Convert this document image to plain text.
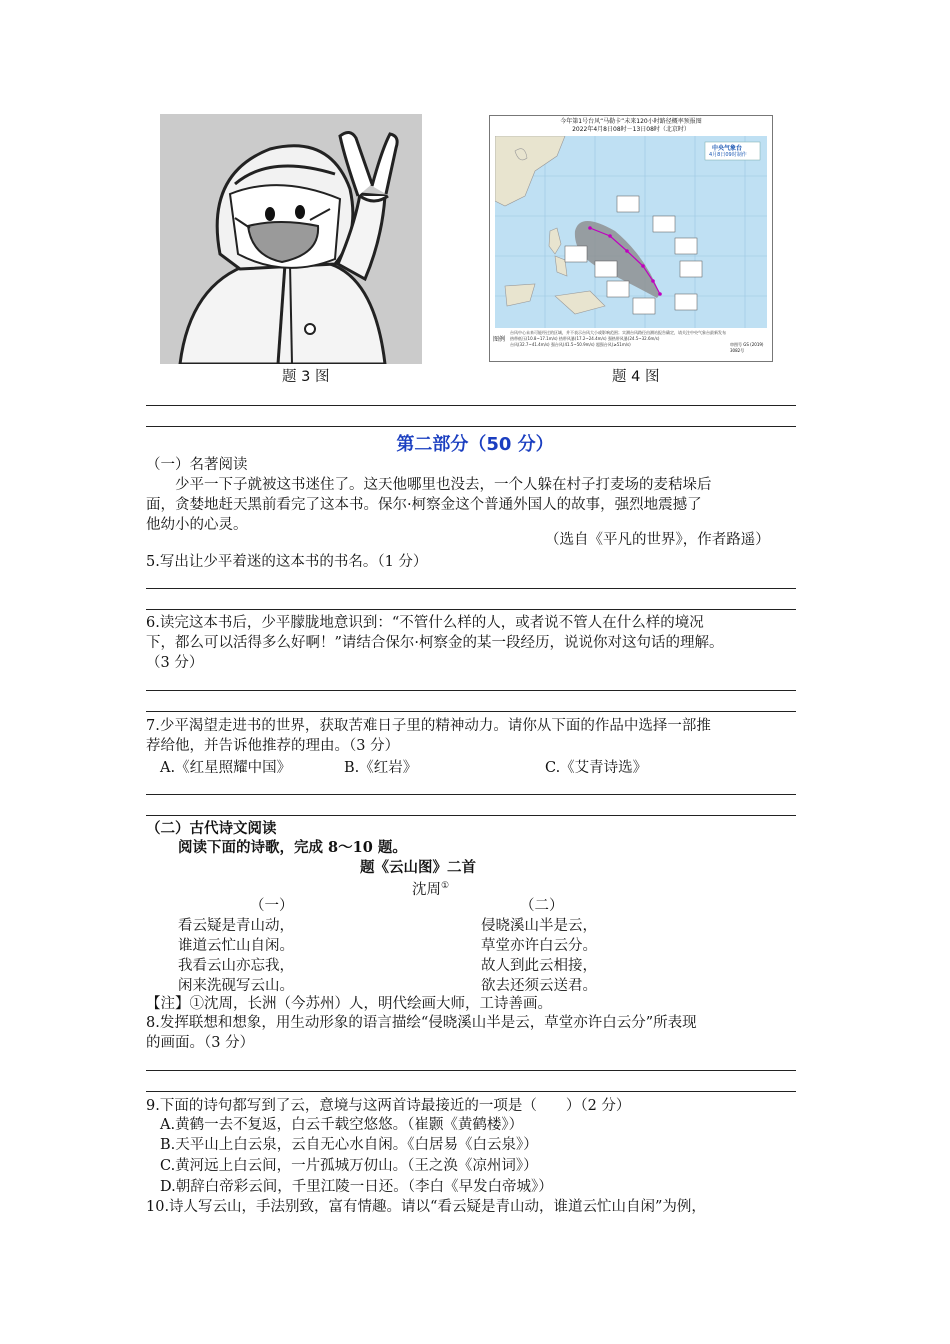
今年第1号台风“马勒卡”未来120小时路径概率预报图
2022年4月8日08时－13日08时（北京时）
中央气象台
4月8日09时制作
图例
台风中心未来可能经过的区域，并不表示台风大小或影响范围；实测台风路径由测站报告确定，请关注中央气象台最新发布
热带低压(10.8~17.1m/s) 热带风暴(17.2~24.4m/s) 强热带风暴(24.5~32.6m/s)
台风(32.7~41.4m/s) 强台风(41.5~50.9m/s) 超强台风(≥51m/s)	审图号 GS (2019) 3082号
题 3 图	题 4 图
第二部分（50 分）
（一）名著阅读
少平一下子就被这书迷住了。这天他哪里也没去，一个人躲在村子打麦场的麦秸垛后
面，贪婪地赶天黑前看完了这本书。保尔·柯察金这个普通外国人的故事，强烈地震撼了
他幼小的心灵。
（选自《平凡的世界》，作者路遥）
5.写出让少平着迷的这本书的书名。（1 分）
6.读完这本书后，少平朦胧地意识到：“不管什么样的人，或者说不管人在什么样的境况
下，都么可以活得多么好啊！”请结合保尔·柯察金的某一段经历，说说你对这句话的理解。
（3 分）
7.少平渴望走进书的世界，获取苦难日子里的精神动力。请你从下面的作品中选择一部推
荐给他，并告诉他推荐的理由。（3 分）
A.《红星照耀中国》	B.《红岩》	C.《艾青诗选》
（二）古代诗文阅读
阅读下面的诗歌，完成 8～10 题。
题《云山图》二首
沈周①
（一）	（二）
看云疑是青山动，
谁道云忙山自闲。
我看云山亦忘我，
闲来洗砚写云山。
侵晓溪山半是云，
草堂亦许白云分。
故人到此云相接，
欲去还须云送君。
【注】①沈周，长洲（今苏州）人，明代绘画大师，工诗善画。
8.发挥联想和想象，用生动形象的语言描绘“侵晓溪山半是云，草堂亦许白云分”所表现
的画面。（3 分）
9.下面的诗句都写到了云，意境与这两首诗最接近的一项是（　　）（2 分）
A.黄鹤一去不复返，白云千载空悠悠。（崔颢《黄鹤楼》）
B.天平山上白云泉，云自无心水自闲。《白居易《白云泉》）
C.黄河远上白云间，一片孤城万仞山。（王之涣《凉州词》）
D.朝辞白帝彩云间，千里江陵一日还。（李白《早发白帝城》）
10.诗人写云山，手法别致，富有情趣。请以“看云疑是青山动，谁道云忙山自闲”为例，
